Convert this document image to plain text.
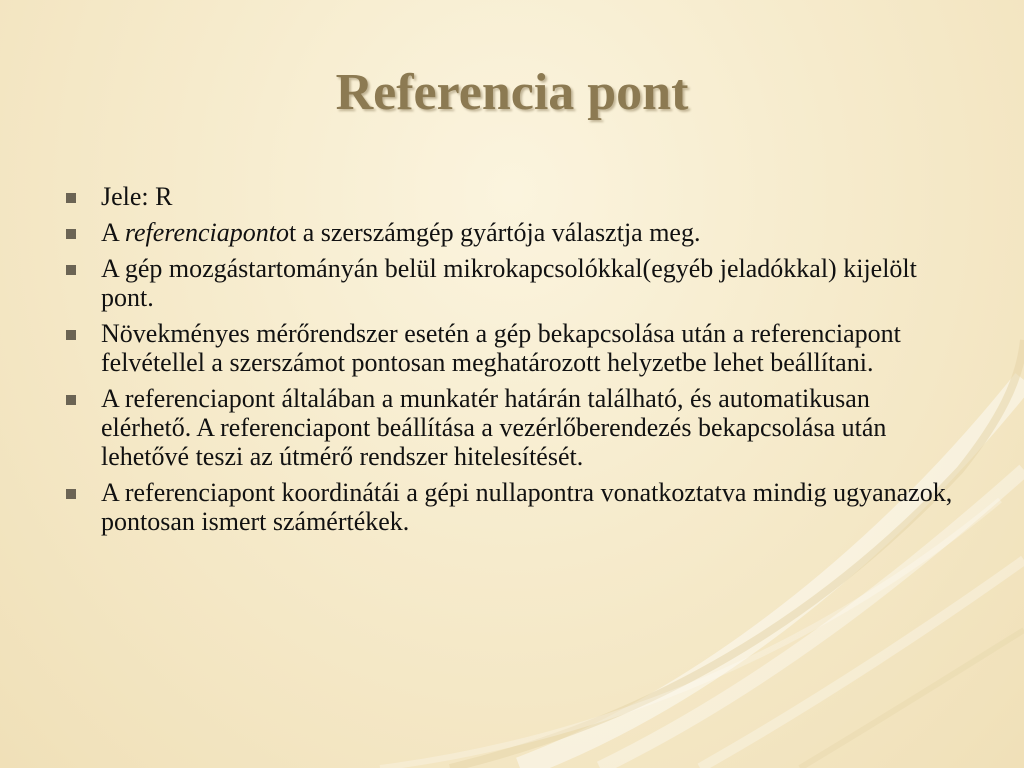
Referencia pont
Jele: R
A referenciapontot a szerszámgép gyártója választja meg.
A gép mozgástartományán belül mikrokapcsolókkal(egyéb jeladókkal) kijelölt pont.
Növekményes mérőrendszer esetén a gép bekapcsolása után a referenciapont felvétellel a szerszámot pontosan meghatározott helyzetbe lehet beállítani.
A referenciapont általában a munkatér határán található, és automatikusan elérhető. A referenciapont beállítása a vezérlőberendezés bekapcsolása után lehetővé teszi az útmérő rendszer hitelesítését.
A referenciapont koordinátái a gépi nullapontra vonatkoztatva mindig ugyanazok, pontosan ismert számértékek.
